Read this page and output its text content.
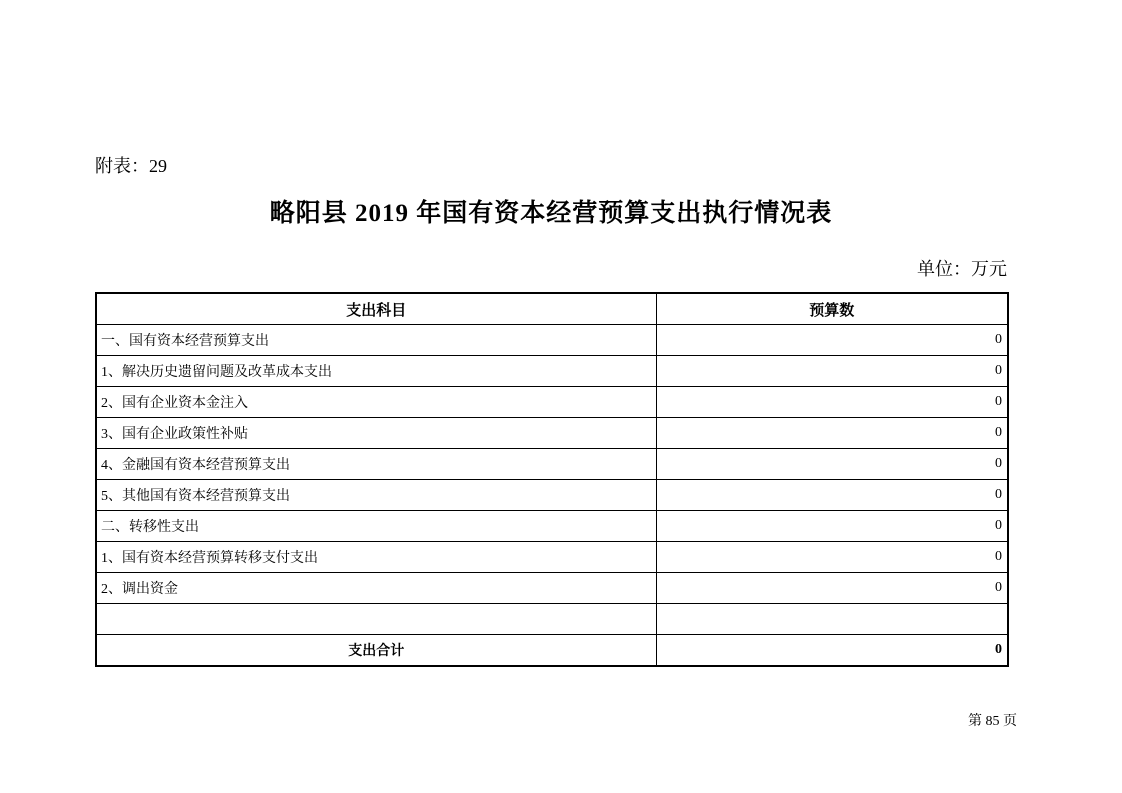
附表：29
略阳县 2019 年国有资本经营预算支出执行情况表
单位：万元
支出科目	预算数
一、国有资本经营预算支出	0
1、解决历史遗留问题及改革成本支出	0
2、国有企业资本金注入	0
3、国有企业政策性补贴	0
4、金融国有资本经营预算支出	0
5、其他国有资本经营预算支出	0
二、转移性支出	0
1、国有资本经营预算转移支付支出	0
2、调出资金	0

支出合计	0
第 85 页
